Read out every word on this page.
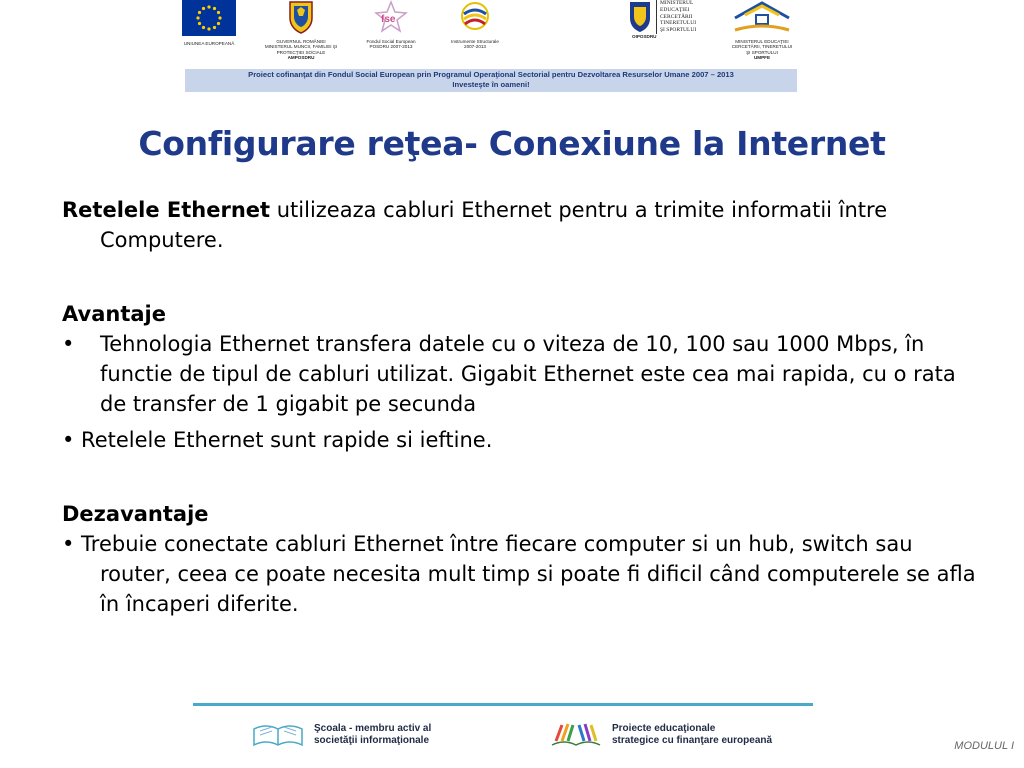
UNIUNEA EUROPEANĂ	GUVERNUL ROMÂNIEI
MINISTERUL MUNCII, FAMILIEI ŞI
PROTECŢIEI SOCIALE
AMPOSDRU
fse
Fondul Social European
POSDRU 2007-2013
Instrumente Structurale
2007-2013
MINISTERUL
EDUCAŢIEI
CERCETĂRII
TINERETULUI
ŞI SPORTULUI
OIPOSDRU
MINISTERUL EDUCAŢIEI
CERCETĂRII, TINERETULUI
ŞI SPORTULUI
UMPFE
Proiect cofinanţat din Fondul Social European prin Programul Operaţional Sectorial pentru Dezvoltarea Resurselor Umane 2007 – 2013
Investeşte în oameni!
Configurare reţea- Conexiune la Internet

Retelele Ethernet utilizeaza cabluri Ethernet pentru a trimite informatii între Computere.

Avantaje

• Tehnologia Ethernet transfera datele cu o viteza de 10, 100 sau 1000 Mbps, în functie de tipul de cabluri utilizat. Gigabit Ethernet este cea mai rapida, cu o rata de transfer de 1 gigabit pe secunda

• Retelele Ethernet sunt rapide si ieftine.

Dezavantaje

• Trebuie conectate cabluri Ethernet între fiecare computer si un hub, switch sau router, ceea ce poate necesita mult timp si poate fi dificil când computerele se afla în încaperi diferite.

Şcoala - membru activ al
societăţii informaţionale
Proiecte educaţionale
strategice cu finanţare europeană	MODULUL I
